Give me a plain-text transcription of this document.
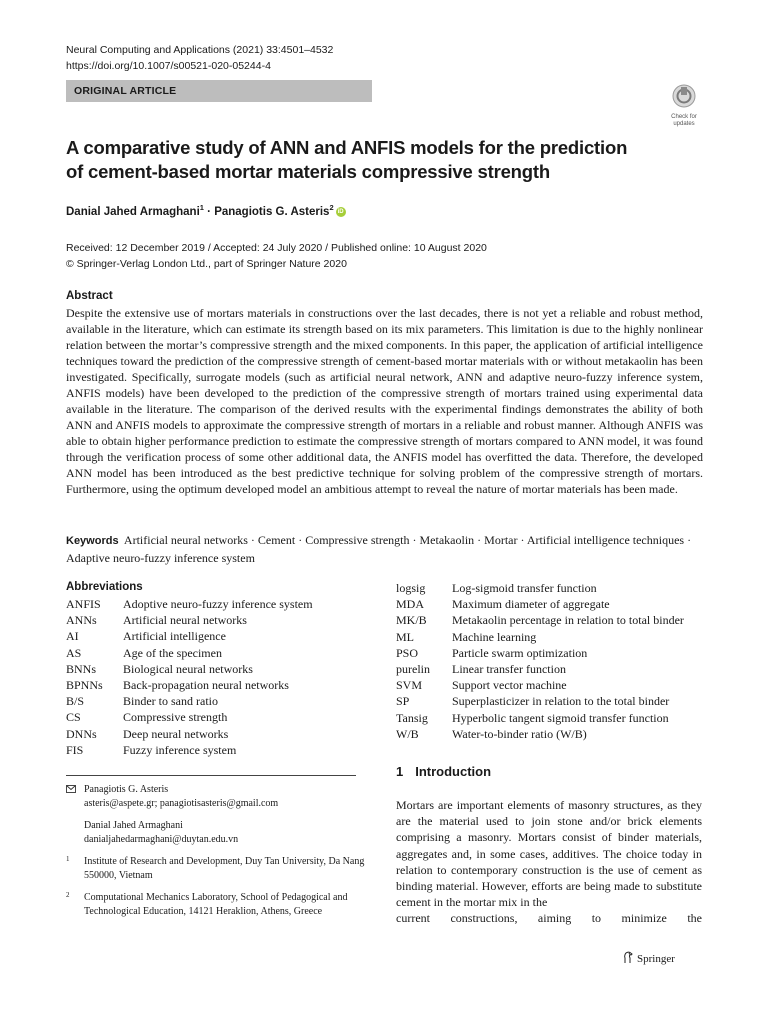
Neural Computing and Applications (2021) 33:4501–4532
https://doi.org/10.1007/s00521-020-05244-4
ORIGINAL ARTICLE
Check for
updates
A comparative study of ANN and ANFIS models for the prediction
of cement-based mortar materials compressive strength
Danial Jahed Armaghani$^1$ · Panagiotis G. Asteris$^2$ iD
Received: 12 December 2019 / Accepted: 24 July 2020 / Published online: 10 August 2020
© Springer-Verlag London Ltd., part of Springer Nature 2020
Abstract
Despite the extensive use of mortars materials in constructions over the last decades, there is not yet a reliable and robust method, available in the literature, which can estimate its strength based on its mix parameters. This limitation is due to the highly nonlinear relation between the mortar’s compressive strength and the mixed components. In this paper, the application of artificial intelligence techniques toward the prediction of the compressive strength of cement-based mortar materials with or without metakaolin has been investigated. Specifically, surrogate models (such as artificial neural network, ANN and adaptive neuro-fuzzy inference system, ANFIS models) have been developed to the prediction of the compressive strength of mortars trained using experimental data available in the literature. The comparison of the derived results with the experimental findings demonstrates the ability of both ANN and ANFIS models to approximate the compressive strength of mortars in a reliable and robust manner. Although ANFIS was able to obtain higher performance prediction to estimate the compressive strength of mortars compared to ANN model, it was found through the verification process of some other additional data, the ANFIS model has overfitted the data. Therefore, the developed ANN model has been introduced as the best predictive technique for solving problem of the compressive strength of mortars. Furthermore, using the optimum developed model an ambitious attempt to reveal the nature of mortar materials has been made.
Keywords Artificial neural networks · Cement · Compressive strength · Metakaolin · Mortar · Artificial intelligence techniques · Adaptive neuro-fuzzy inference system
Abbreviations
ANFIS Adoptive neuro-fuzzy inference system
ANNs Artificial neural networks
AI	Artificial intelligence
AS	Age of the specimen
BNNs Biological neural networks
BPNNs Back-propagation neural networks
B/S	Binder to sand ratio
CS	Compressive strength
DNNs Deep neural networks
FIS	Fuzzy inference system
logsig Log-sigmoid transfer function
MDA Maximum diameter of aggregate
MK/B Metakaolin percentage in relation to total binder
ML	Machine learning
PSO	Particle swarm optimization
purelin Linear transfer function
SVM Support vector machine
SP	Superplasticizer in relation to the total binder
Tansig Hyperbolic tangent sigmoid transfer function
W/B	Water-to-binder ratio (W/B)
Panagiotis G. Asteris
asteris@aspete.gr; panagiotisasteris@gmail.com
Danial Jahed Armaghani
danialjahedarmaghani@duytan.edu.vn
1 Institute of Research and Development, Duy Tan University, Da Nang 550000, Vietnam
2 Computational Mechanics Laboratory, School of Pedagogical and Technological Education, 14121 Heraklion, Athens, Greece
1 Introduction
Mortars are important elements of masonry structures, as they are the material used to join stone and/or brick elements comprising a masonry. Mortars consist of binder materials, aggregates and, in some cases, additives. The choice today in relation to contemporary construction is the use of cement as binding material. However, efforts are being made to substitute cement in the mortar mix in the
current constructions, aiming to minimize the
Springer
